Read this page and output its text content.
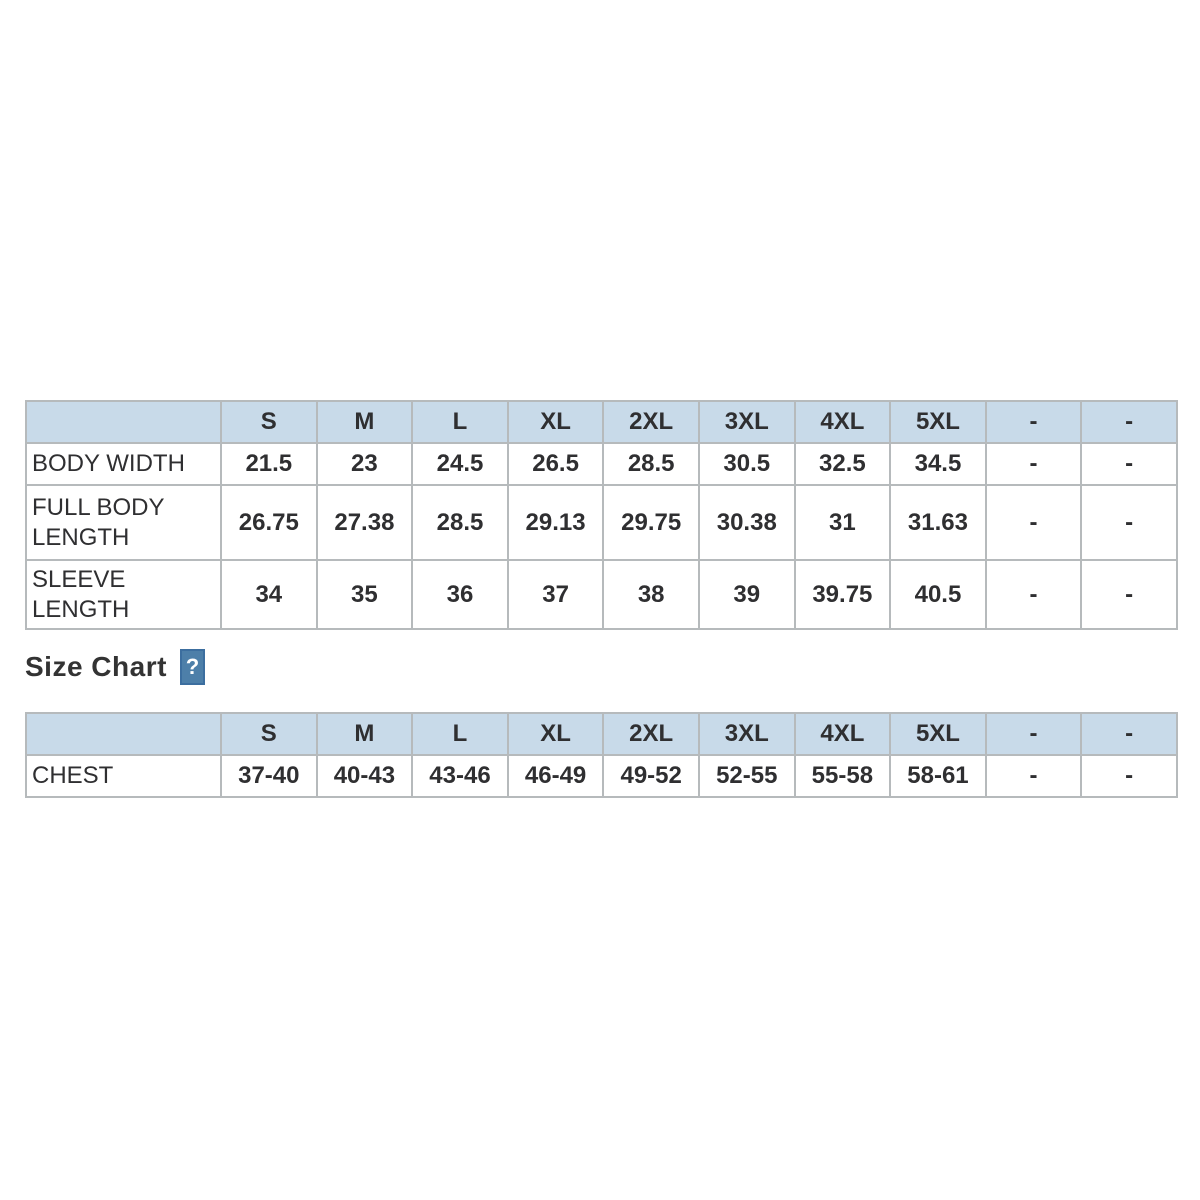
	S	M	L	XL	2XL	3XL	4XL	5XL	-	-
BODY WIDTH	21.5	23	24.5	26.5	28.5	30.5	32.5	34.5	-	-
FULL BODY LENGTH	26.75	27.38	28.5	29.13	29.75	30.38	31	31.63	-	-
SLEEVE LENGTH	34	35	36	37	38	39	39.75	40.5	-	-
Size Chart ?
	S	M	L	XL	2XL	3XL	4XL	5XL	-	-
CHEST	37-40	40-43	43-46	46-49	49-52	52-55	55-58	58-61	-	-
